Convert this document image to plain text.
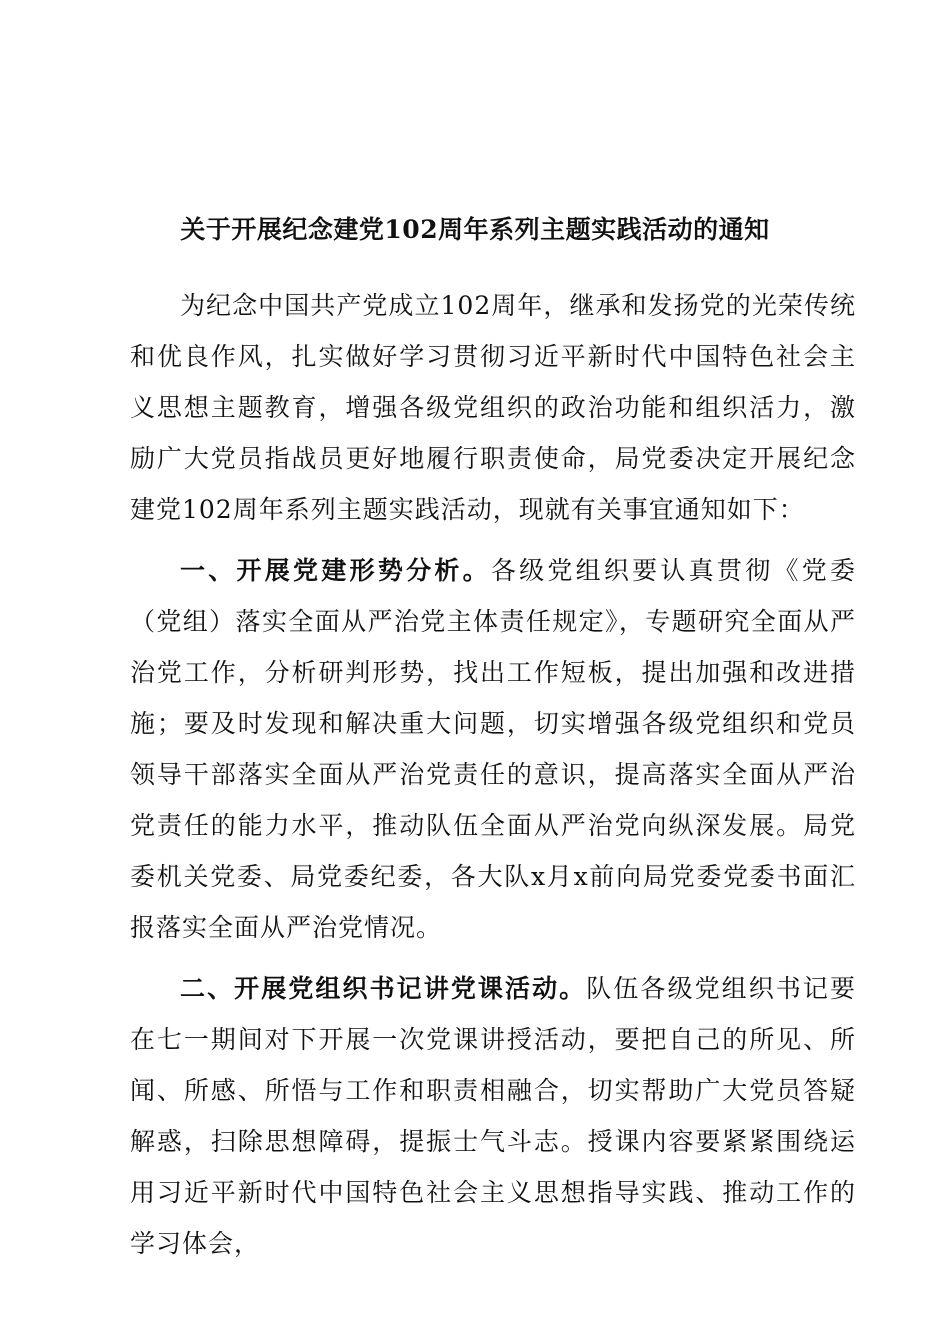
关于开展纪念建党102周年系列主题实践活动的通知

为纪念中国共产党成立102周年，继承和发扬党的光荣传统和优良作风，扎实做好学习贯彻习近平新时代中国特色社会主义思想主题教育，增强各级党组织的政治功能和组织活力，激励广大党员指战员更好地履行职责使命，局党委决定开展纪念建党102周年系列主题实践活动，现就有关事宜通知如下：

一、开展党建形势分析。各级党组织要认真贯彻《党委（党组）落实全面从严治党主体责任规定》，专题研究全面从严治党工作，分析研判形势，找出工作短板，提出加强和改进措施；要及时发现和解决重大问题，切实增强各级党组织和党员领导干部落实全面从严治党责任的意识，提高落实全面从严治党责任的能力水平，推动队伍全面从严治党向纵深发展。局党委机关党委、局党委纪委，各大队x月x前向局党委党委书面汇报落实全面从严治党情况。

二、开展党组织书记讲党课活动。队伍各级党组织书记要在七一期间对下开展一次党课讲授活动，要把自己的所见、所闻、所感、所悟与工作和职责相融合，切实帮助广大党员答疑解惑，扫除思想障碍，提振士气斗志。授课内容要紧紧围绕运用习近平新时代中国特色社会主义思想指导实践、推动工作的学习体会，
